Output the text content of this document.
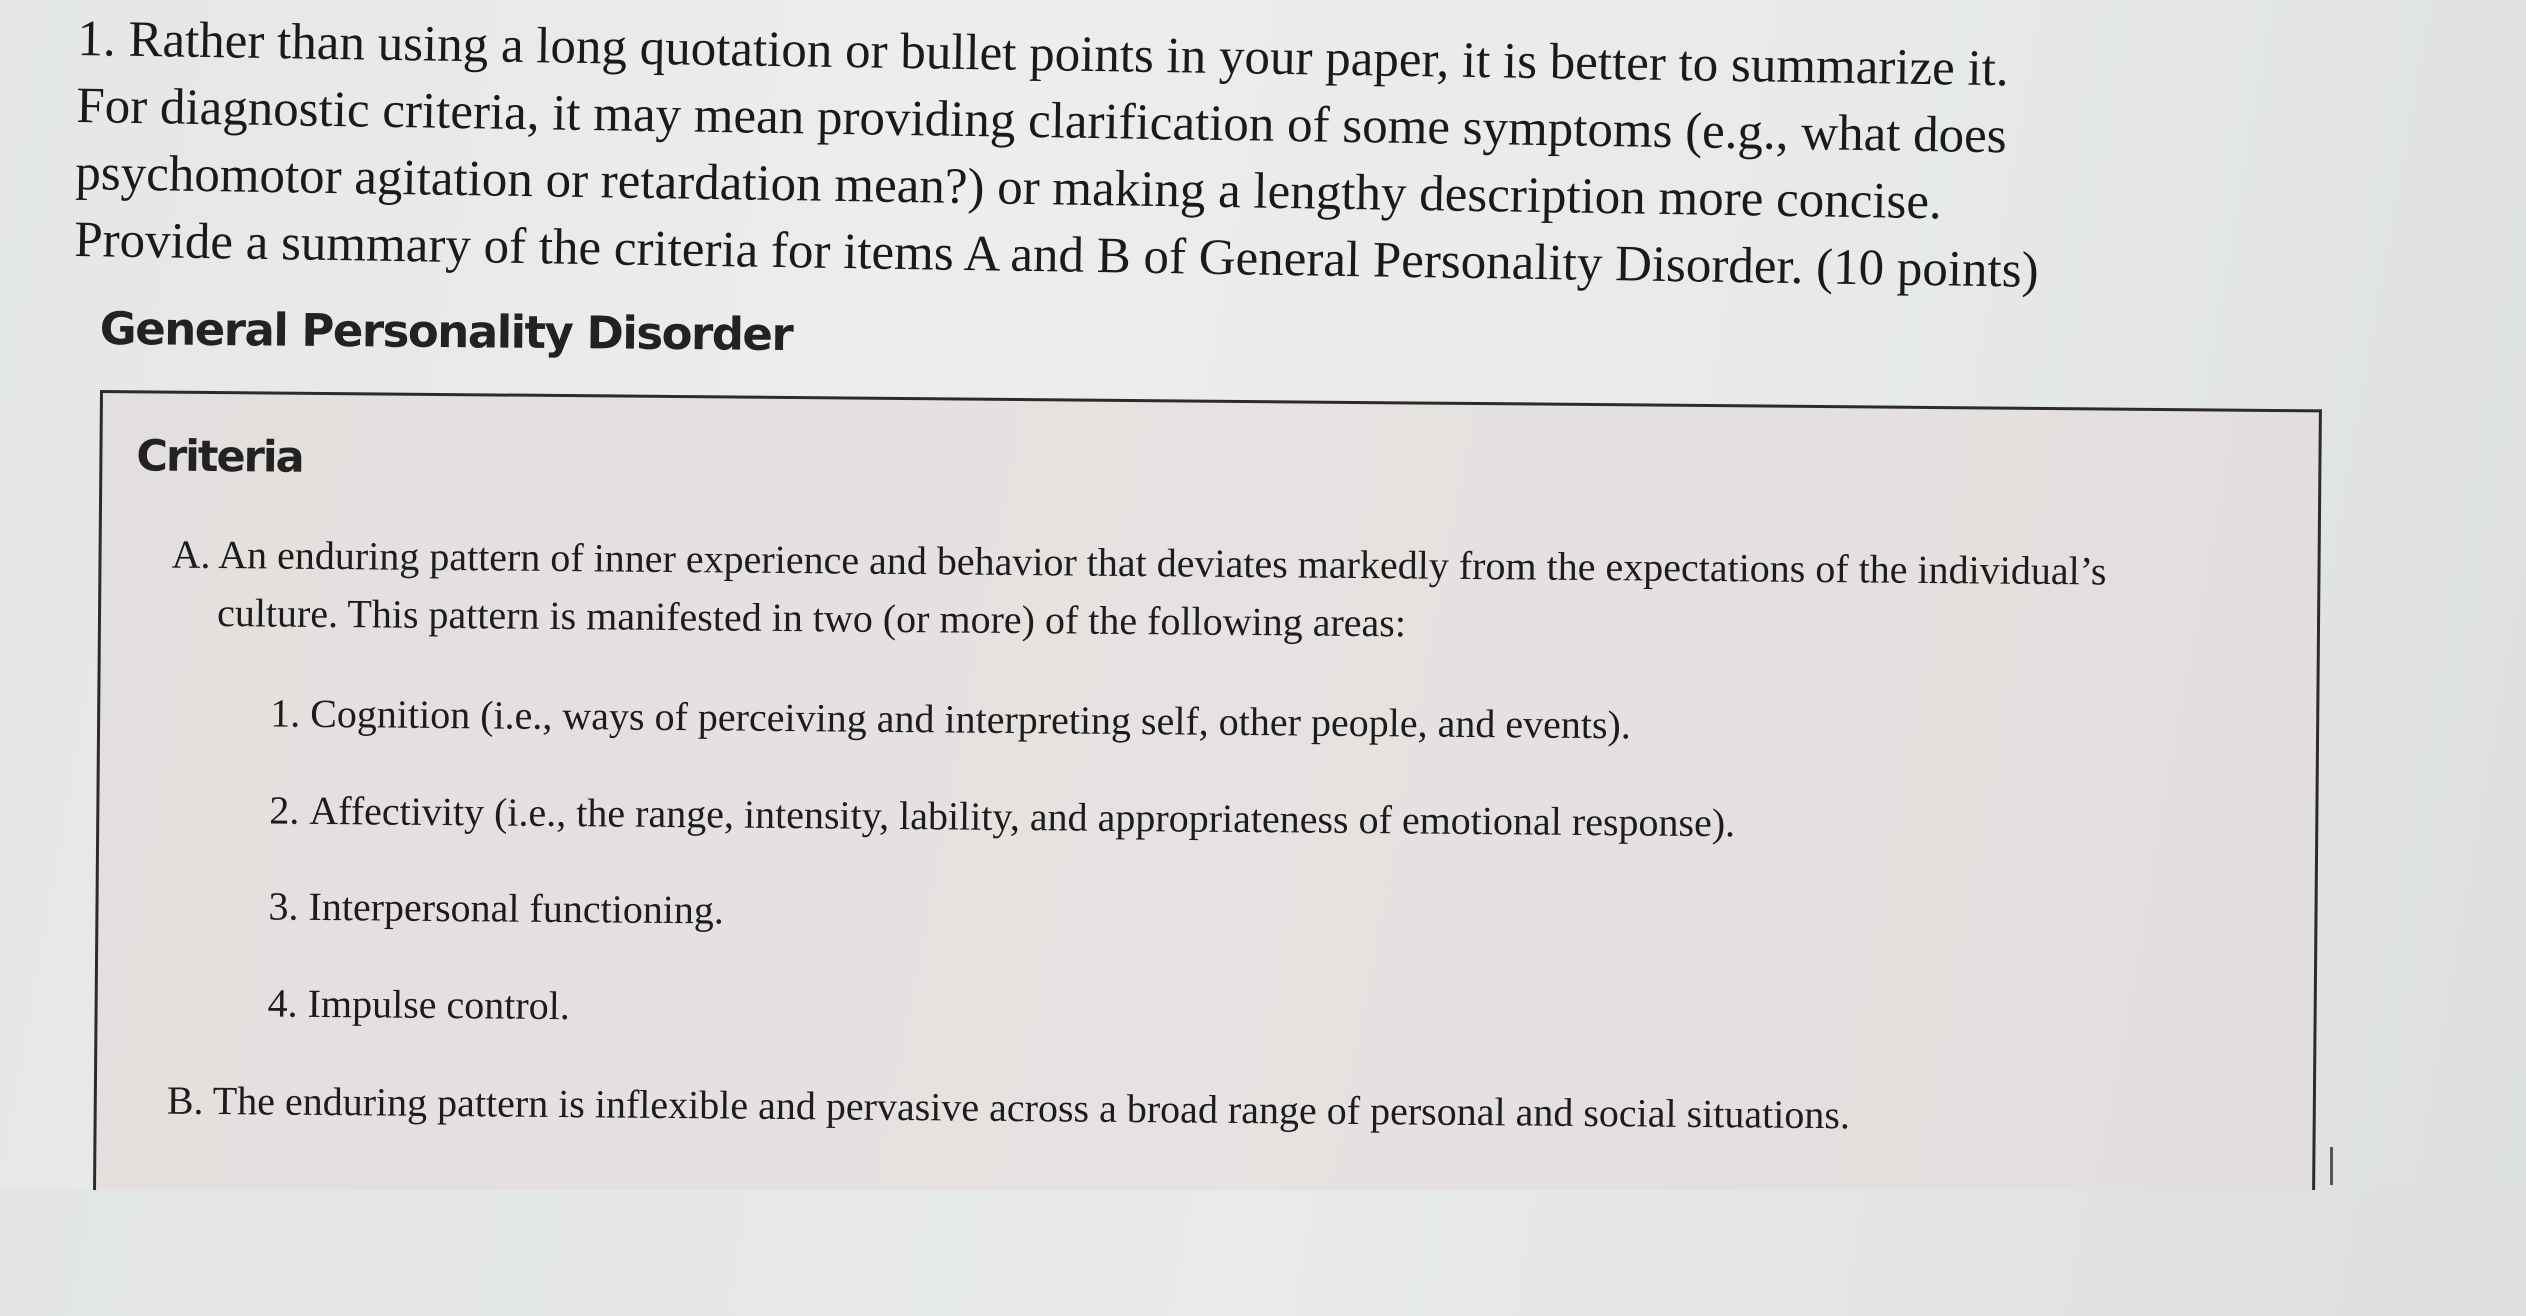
1. Rather than using a long quotation or bullet points in your paper, it is better to summarize it.
For diagnostic criteria, it may mean providing clarification of some symptoms (e.g., what does
psychomotor agitation or retardation mean?) or making a lengthy description more concise.
Provide a summary of the criteria for items A and B of General Personality Disorder. (10 points)
General Personality Disorder
Criteria
A. An enduring pattern of inner experience and behavior that deviates markedly from the expectations of the individual’s
culture. This pattern is manifested in two (or more) of the following areas:
1. Cognition (i.e., ways of perceiving and interpreting self, other people, and events).
2. Affectivity (i.e., the range, intensity, lability, and appropriateness of emotional response).
3. Interpersonal functioning.
4. Impulse control.
B. The enduring pattern is inflexible and pervasive across a broad range of personal and social situations.
